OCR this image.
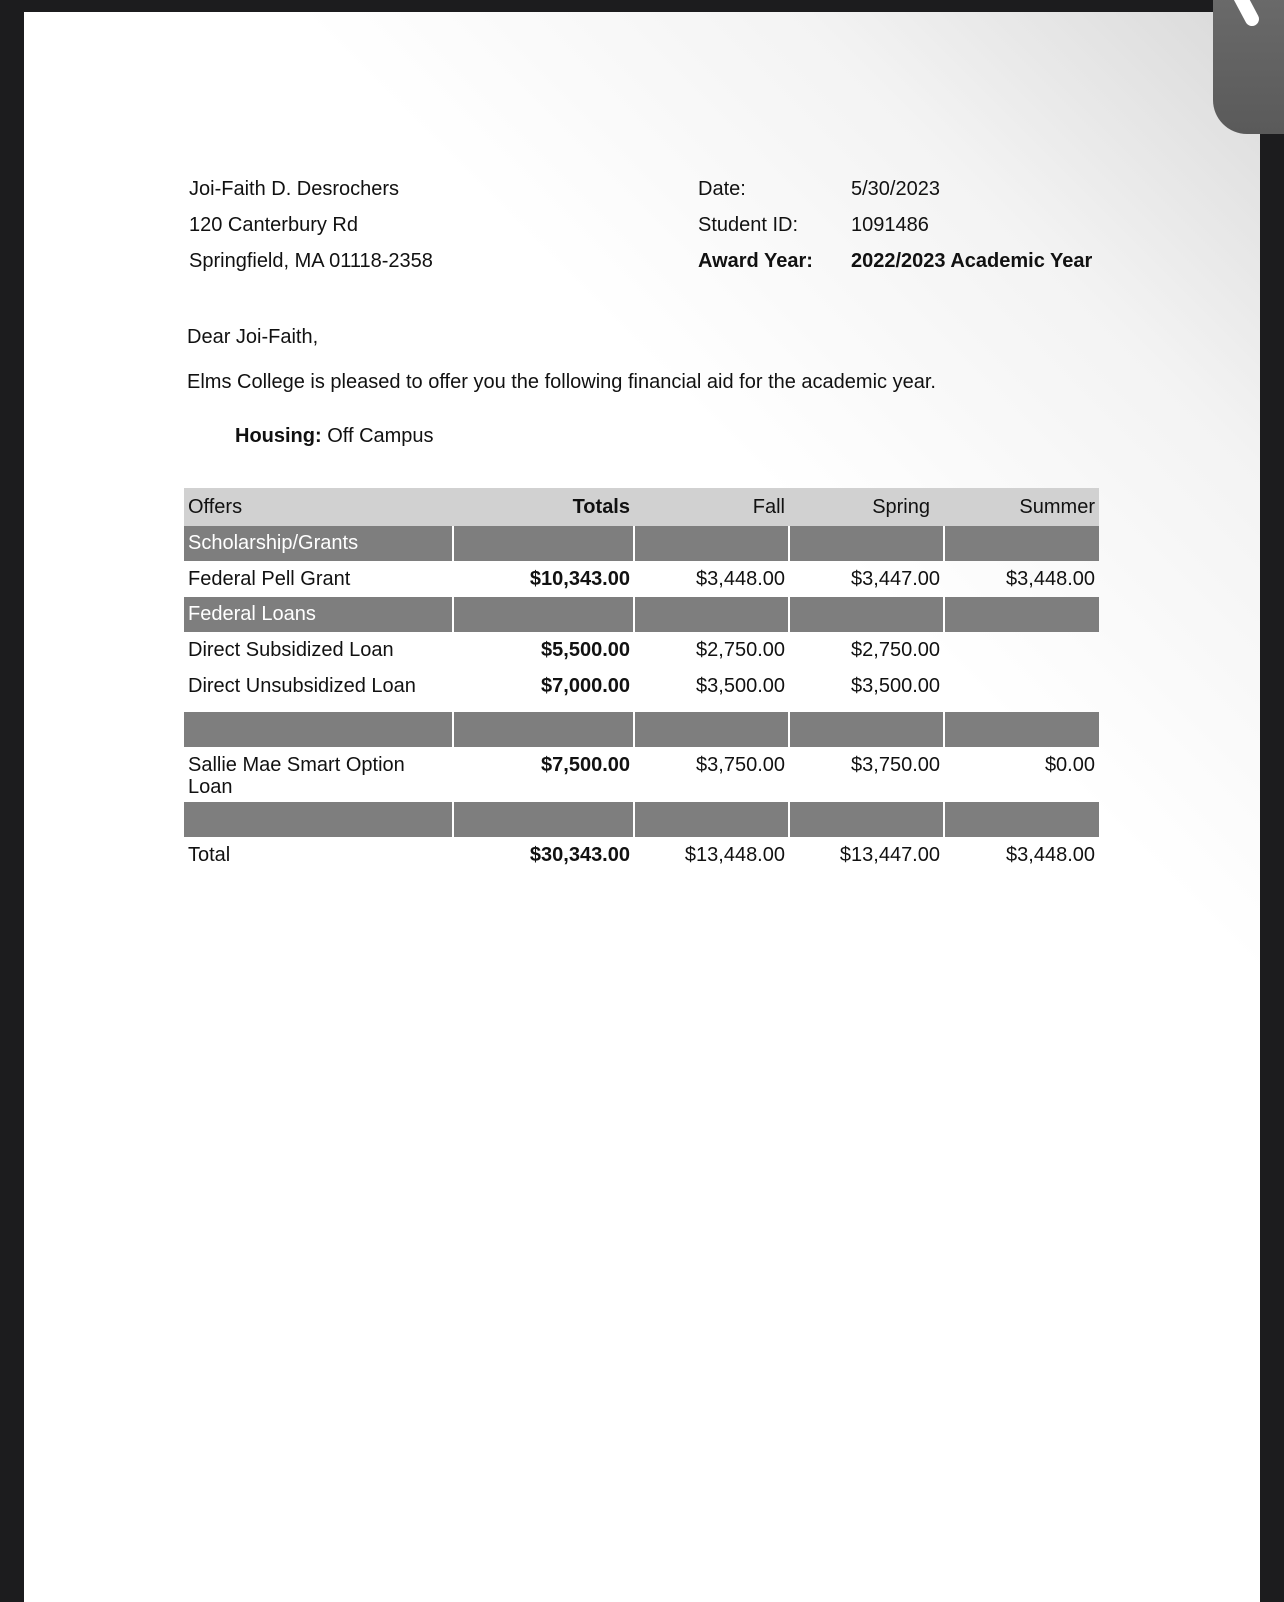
Joi-Faith D. Desrochers
120 Canterbury Rd
Springfield, MA 01118-2358
Date:	5/30/2023
Student ID:	1091486
Award Year: 2022/2023 Academic Year
Dear Joi-Faith,
Elms College is pleased to offer you the following financial aid for the academic year.
Housing: Off Campus
Offers	Totals	Fall	Spring	Summer
Scholarship/Grants				
Federal Pell Grant	$10,343.00	$3,448.00	$3,447.00	$3,448.00
Federal Loans				
Direct Subsidized Loan	$5,500.00	$2,750.00	$2,750.00	
Direct Unsubsidized Loan	$7,000.00	$3,500.00	$3,500.00	

Sallie Mae Smart Option Loan	$7,500.00	$3,750.00	$3,750.00	$0.00

Total	$30,343.00	$13,448.00	$13,447.00	$3,448.00
